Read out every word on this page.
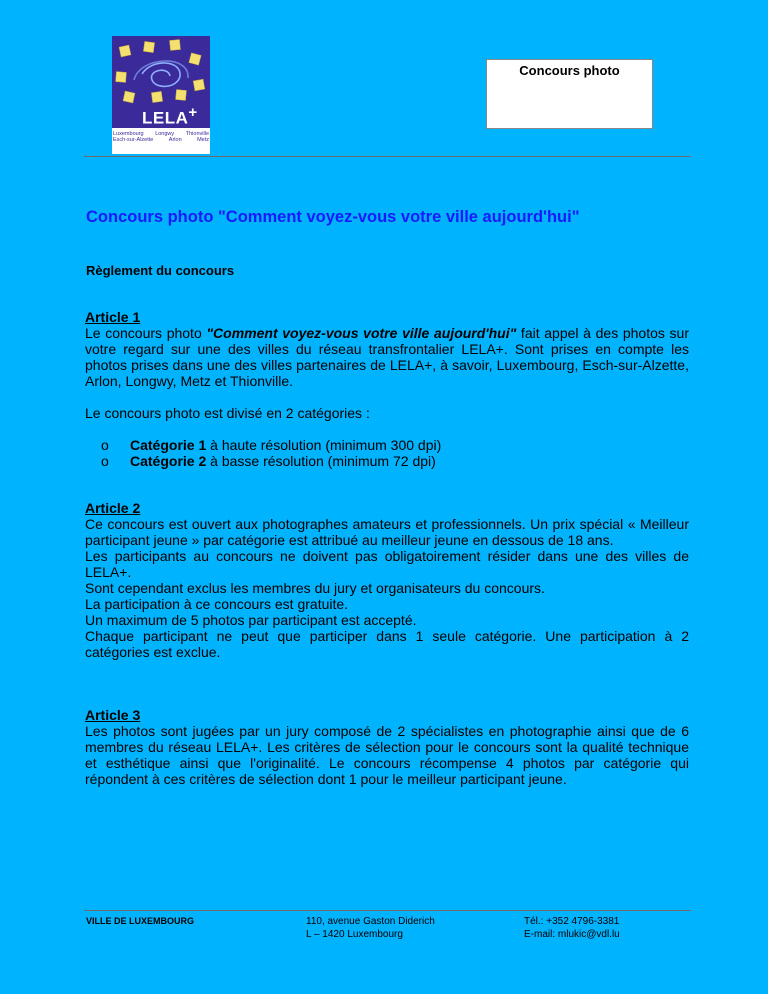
LELA+
Luxembourg Longwy Thionville
Esch-sur-Alzette	Arlon	Metz
Concours photo
Concours photo "Comment voyez-vous votre ville aujourd'hui"
Règlement du concours
Article 1
Le concours photo "Comment voyez-vous votre ville aujourd'hui" fait appel à des photos sur votre regard sur une des villes du réseau transfrontalier LELA+. Sont prises en compte les photos prises dans une des villes partenaires de LELA+, à savoir, Luxembourg, Esch-sur-Alzette, Arlon, Longwy, Metz et Thionville.
Le concours photo est divisé en 2 catégories :
o	Catégorie 1 à haute résolution (minimum 300 dpi)
o	Catégorie 2 à basse résolution (minimum 72 dpi)
Article 2
Ce concours est ouvert aux photographes amateurs et professionnels. Un prix spécial « Meilleur participant jeune » par catégorie est attribué au meilleur jeune en dessous de 18 ans.
Les participants au concours ne doivent pas obligatoirement résider dans une des villes de LELA+.
Sont cependant exclus les membres du jury et organisateurs du concours.
La participation à ce concours est gratuite.
Un maximum de 5 photos par participant est accepté.
Chaque participant ne peut que participer dans 1 seule catégorie. Une participation à 2 catégories est exclue.
Article 3
Les photos sont jugées par un jury composé de 2 spécialistes en photographie ainsi que de 6 membres du réseau LELA+. Les critères de sélection pour le concours sont la qualité technique et esthétique ainsi que l'originalité. Le concours récompense 4 photos par catégorie qui répondent à ces critères de sélection dont 1 pour le meilleur participant jeune.
VILLE DE LUXEMBOURG	110, avenue Gaston Diderich
L – 1420 Luxembourg
Tél.: +352 4796-3381
E-mail: mlukic@vdl.lu
